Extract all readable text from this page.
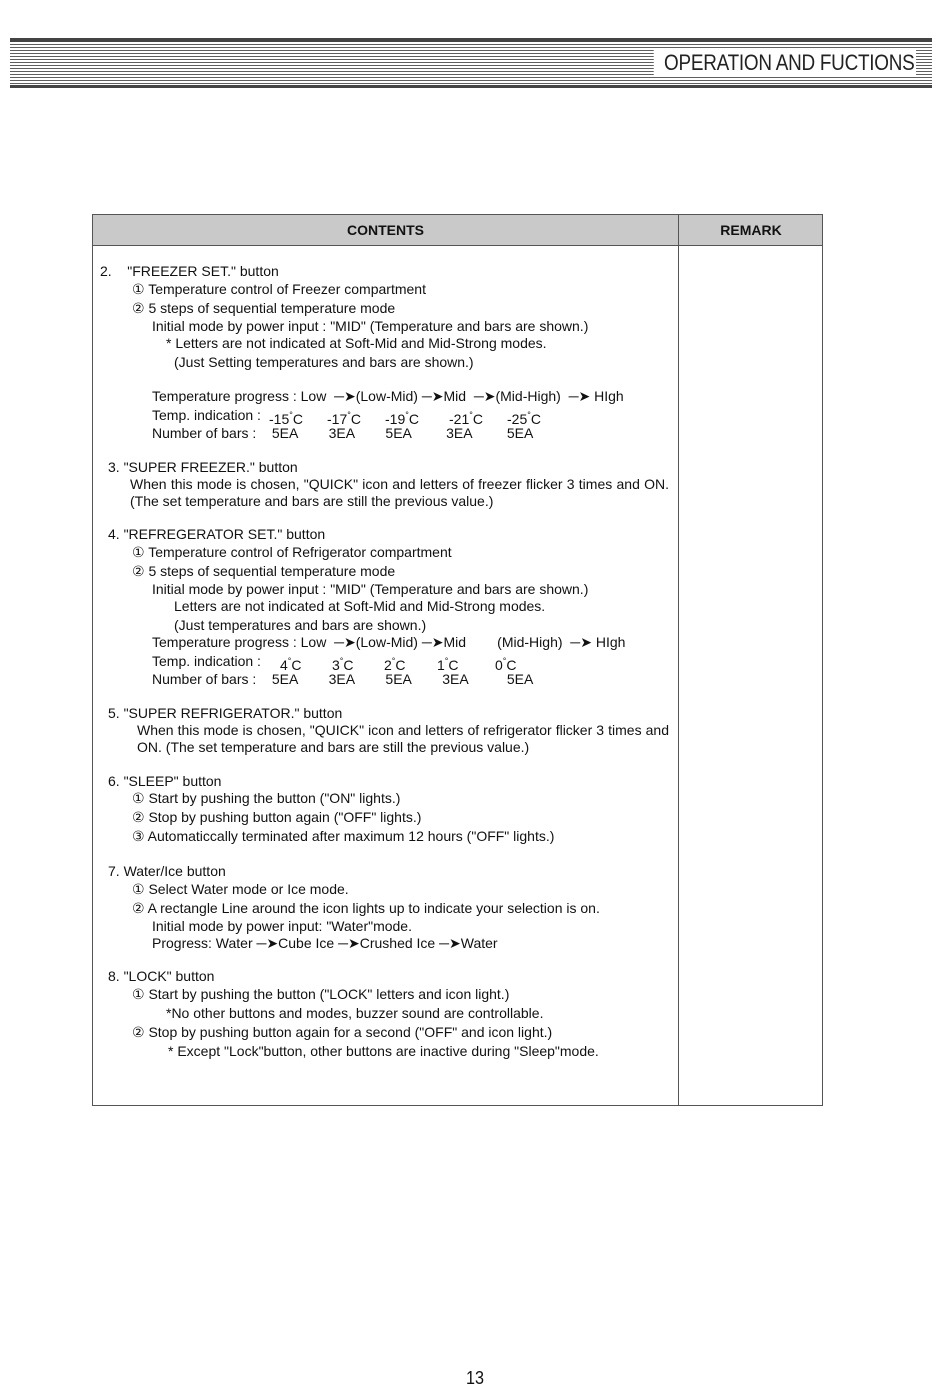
OPERATION AND FUCTIONS
CONTENTS	REMARK
2.    "FREEZER SET." button
① Temperature control of Freezer compartment
② 5 steps of sequential temperature mode
Initial mode by power input : "MID" (Temperature and bars are shown.)
* Letters are not indicated at Soft-Mid and Mid-Strong modes.
(Just Setting temperatures and bars are shown.)
Temperature progress : Low  ─➤(Low-Mid) ─➤Mid  ─➤(Mid-High)  ─➤ HIgh
Temp. indication : -15°C -17°C -19°C -21°C -25°C
Number of bars :    5EA        3EA        5EA         3EA         5EA
3. "SUPER FREEZER." button
When this mode is chosen, "QUICK" icon and letters of freezer flicker 3 times and ON. (The set temperature and bars are still the previous value.)
4. "REFREGERATOR SET." button
① Temperature control of Refrigerator compartment
② 5 steps of sequential temperature mode
Initial mode by power input : "MID" (Temperature and bars are shown.)
Letters are not indicated at Soft-Mid and Mid-Strong modes.
(Just temperatures and bars are shown.)
Temperature progress : Low  ─➤(Low-Mid) ─➤Mid        (Mid-High)  ─➤ HIgh
Temp. indication : 4°C 3°C 2°C 1°C	0°C
Number of bars :    5EA        3EA        5EA        3EA          5EA
5. "SUPER REFRIGERATOR." button
When this mode is chosen, "QUICK" icon and letters of refrigerator flicker 3 times and ON. (The set temperature and bars are still the previous value.)
6. "SLEEP" button
① Start by pushing the button ("ON" lights.)
② Stop by pushing button again ("OFF" lights.)
③ Automaticcally terminated after maximum 12 hours ("OFF" lights.)
7. Water/Ice button
① Select Water mode or Ice mode.
② A rectangle Line around the icon lights up to indicate your selection is on.
Initial mode by power input: "Water"mode.
Progress: Water ─➤Cube Ice ─➤Crushed Ice ─➤Water
8. "LOCK" button
① Start by pushing the button ("LOCK" letters and icon light.)
*No other buttons and modes, buzzer sound are controllable.
② Stop by pushing button again for a second ("OFF" and icon light.)
* Except "Lock"button, other buttons are inactive during "Sleep"mode.
13
